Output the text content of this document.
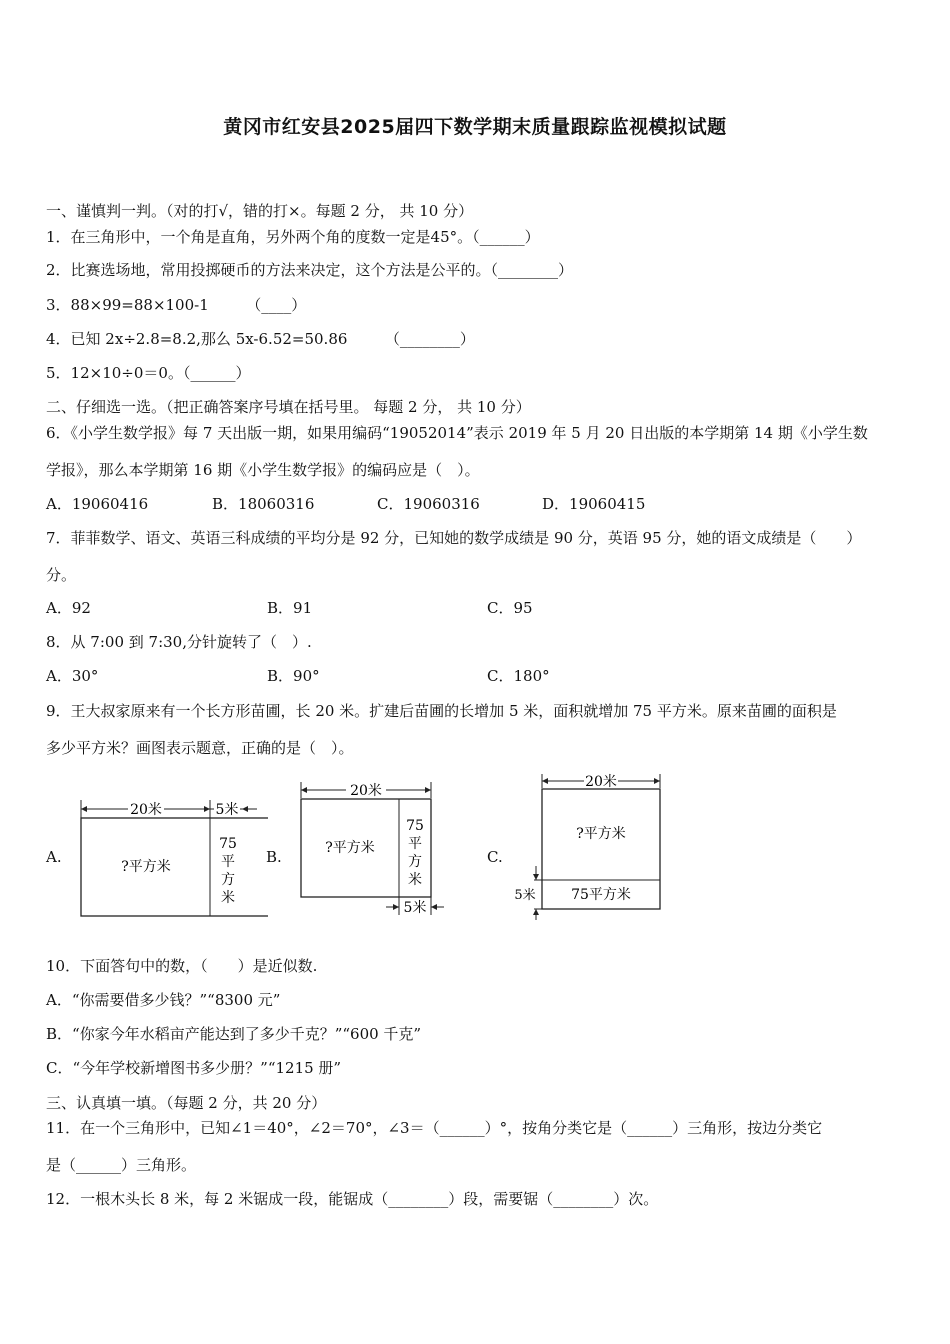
黄冈市红安县2025届四下数学期末质量跟踪监视模拟试题
一、谨慎判一判。（对的打√，错的打×。每题 2 分， 共 10 分）
1．在三角形中，一个角是直角，另外两个角的度数一定是45°。（______）
2．比赛选场地，常用投掷硬币的方法来决定，这个方法是公平的。（________）
3．88×99=88×100-1　　　（____）
4．已知 2x÷2.8=8.2,那么 5x-6.52=50.86　　　（________）
5．12×10÷0＝0。（______）
二、仔细选一选。（把正确答案序号填在括号里。 每题 2 分， 共 10 分）
6．《小学生数学报》每 7 天出版一期，如果用编码“19052014”表示 2019 年 5 月 20 日出版的本学期第 14 期《小学生数
学报》，那么本学期第 16 期《小学生数学报》的编码应是（　）。
A．19060416	B．18060316	C．19060316	D．19060415
7．菲菲数学、语文、英语三科成绩的平均分是 92 分，已知她的数学成绩是 90 分，英语 95 分，她的语文成绩是（　　）
分。
A．92	B．91	C．95
8．从 7:00 到 7:30,分针旋转了（　）.
A．30°	B．90°	C．180°
9．王大叔家原来有一个长方形苗圃，长 20 米。扩建后苗圃的长增加 5 米，面积就增加 75 平方米。原来苗圃的面积是
多少平方米？画图表示题意，正确的是（　）。
A.	B.	C.
20米	5米
?平方米
75
平
方
米
20米
5米
?平方米
75
平
方
米
20米
5米
?平方米
75平方米
10．下面答句中的数，（　　）是近似数.
A．“你需要借多少钱？”“8300 元”
B．“你家今年水稻亩产能达到了多少千克？”“600 千克”
C．“今年学校新增图书多少册？”“1215 册”
三、认真填一填。（每题 2 分，共 20 分）
11．在一个三角形中，已知∠1＝40°，∠2＝70°，∠3＝（______）°，按角分类它是（______）三角形，按边分类它
是（______）三角形。
12．一根木头长 8 米，每 2 米锯成一段，能锯成（________）段，需要锯（________）次。
